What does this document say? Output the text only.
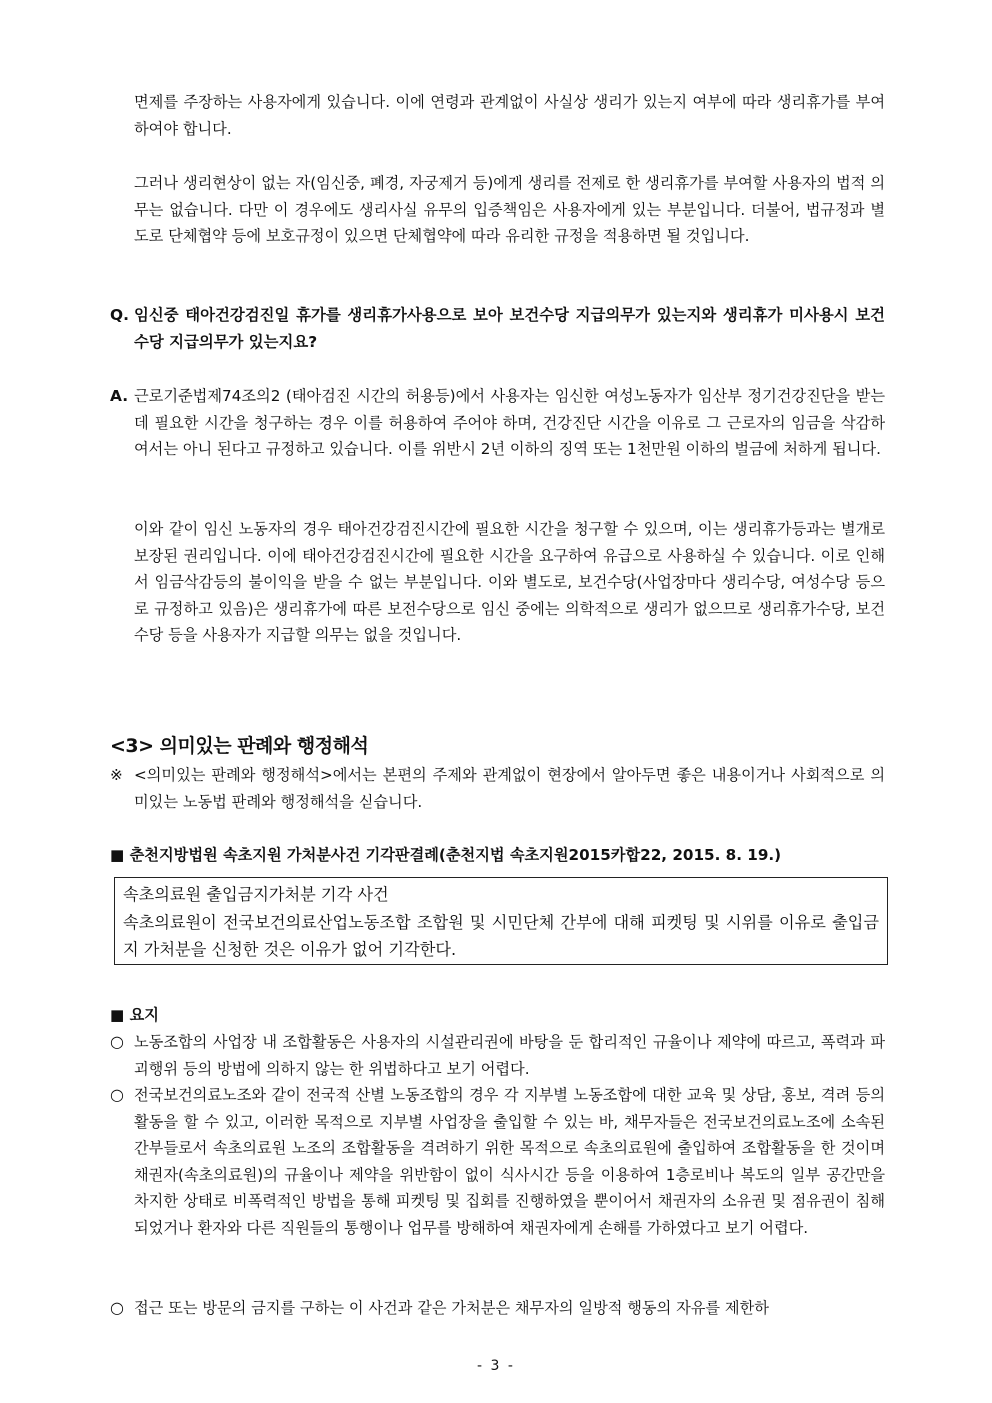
면제를 주장하는 사용자에게 있습니다. 이에 연령과 관계없이 사실상 생리가 있는지 여부에 따라 생리휴가를 부여하여야 합니다.
그러나 생리현상이 없는 자(임신중, 폐경, 자궁제거 등)에게 생리를 전제로 한 생리휴가를 부여할 사용자의 법적 의무는 없습니다. 다만 이 경우에도 생리사실 유무의 입증책임은 사용자에게 있는 부분입니다. 더불어, 법규정과 별도로 단체협약 등에 보호규정이 있으면 단체협약에 따라 유리한 규정을 적용하면 될 것입니다.
Q. 임신중 태아건강검진일 휴가를 생리휴가사용으로 보아 보건수당 지급의무가 있는지와 생리휴가 미사용시 보건수당 지급의무가 있는지요?
A. 근로기준법제74조의2 (태아검진 시간의 허용등)에서 사용자는 임신한 여성노동자가 임산부 정기건강진단을 받는데 필요한 시간을 청구하는 경우 이를 허용하여 주어야 하며, 건강진단 시간을 이유로 그 근로자의 임금을 삭감하여서는 아니 된다고 규정하고 있습니다. 이를 위반시 2년 이하의 징역 또는 1천만원 이하의 벌금에 처하게 됩니다.
이와 같이 임신 노동자의 경우 태아건강검진시간에 필요한 시간을 청구할 수 있으며, 이는 생리휴가등과는 별개로 보장된 권리입니다. 이에 태아건강검진시간에 필요한 시간을 요구하여 유급으로 사용하실 수 있습니다. 이로 인해서 임금삭감등의 불이익을 받을 수 없는 부분입니다. 이와 별도로, 보건수당(사업장마다 생리수당, 여성수당 등으로 규정하고 있음)은 생리휴가에 따른 보전수당으로 임신 중에는 의학적으로 생리가 없으므로 생리휴가수당, 보건수당 등을 사용자가 지급할 의무는 없을 것입니다.
<3> 의미있는 판례와 행정해석
※ <의미있는 판례와 행정해석>에서는 본편의 주제와 관계없이 현장에서 알아두면 좋은 내용이거나 사회적으로 의미있는 노동법 판례와 행정해석을 싣습니다.
■ 춘천지방법원 속초지원 가처분사건 기각판결례(춘천지법 속초지원2015카합22, 2015. 8. 19.)
속초의료원 출입금지가처분 기각 사건
속초의료원이 전국보건의료산업노동조합 조합원 및 시민단체 간부에 대해 피켓팅 및 시위를 이유로 출입금지 가처분을 신청한 것은 이유가 없어 기각한다.
■ 요지
○ 노동조합의 사업장 내 조합활동은 사용자의 시설관리권에 바탕을 둔 합리적인 규율이나 제약에 따르고, 폭력과 파괴행위 등의 방법에 의하지 않는 한 위법하다고 보기 어렵다.
○ 전국보건의료노조와 같이 전국적 산별 노동조합의 경우 각 지부별 노동조합에 대한 교육 및 상담, 홍보, 격려 등의 활동을 할 수 있고, 이러한 목적으로 지부별 사업장을 출입할 수 있는 바, 채무자들은 전국보건의료노조에 소속된 간부들로서 속초의료원 노조의 조합활동을 격려하기 위한 목적으로 속초의료원에 출입하여 조합활동을 한 것이며 채권자(속초의료원)의 규율이나 제약을 위반함이 없이 식사시간 등을 이용하여 1층로비나 복도의 일부 공간만을 차지한 상태로 비폭력적인 방법을 통해 피켓팅 및 집회를 진행하였을 뿐이어서 채권자의 소유권 및 점유권이 침해되었거나 환자와 다른 직원들의 통행이나 업무를 방해하여 채권자에게 손해를 가하였다고 보기 어렵다.
○ 접근 또는 방문의 금지를 구하는 이 사건과 같은 가처분은 채무자의 일방적 행동의 자유를 제한하
- 3 -
